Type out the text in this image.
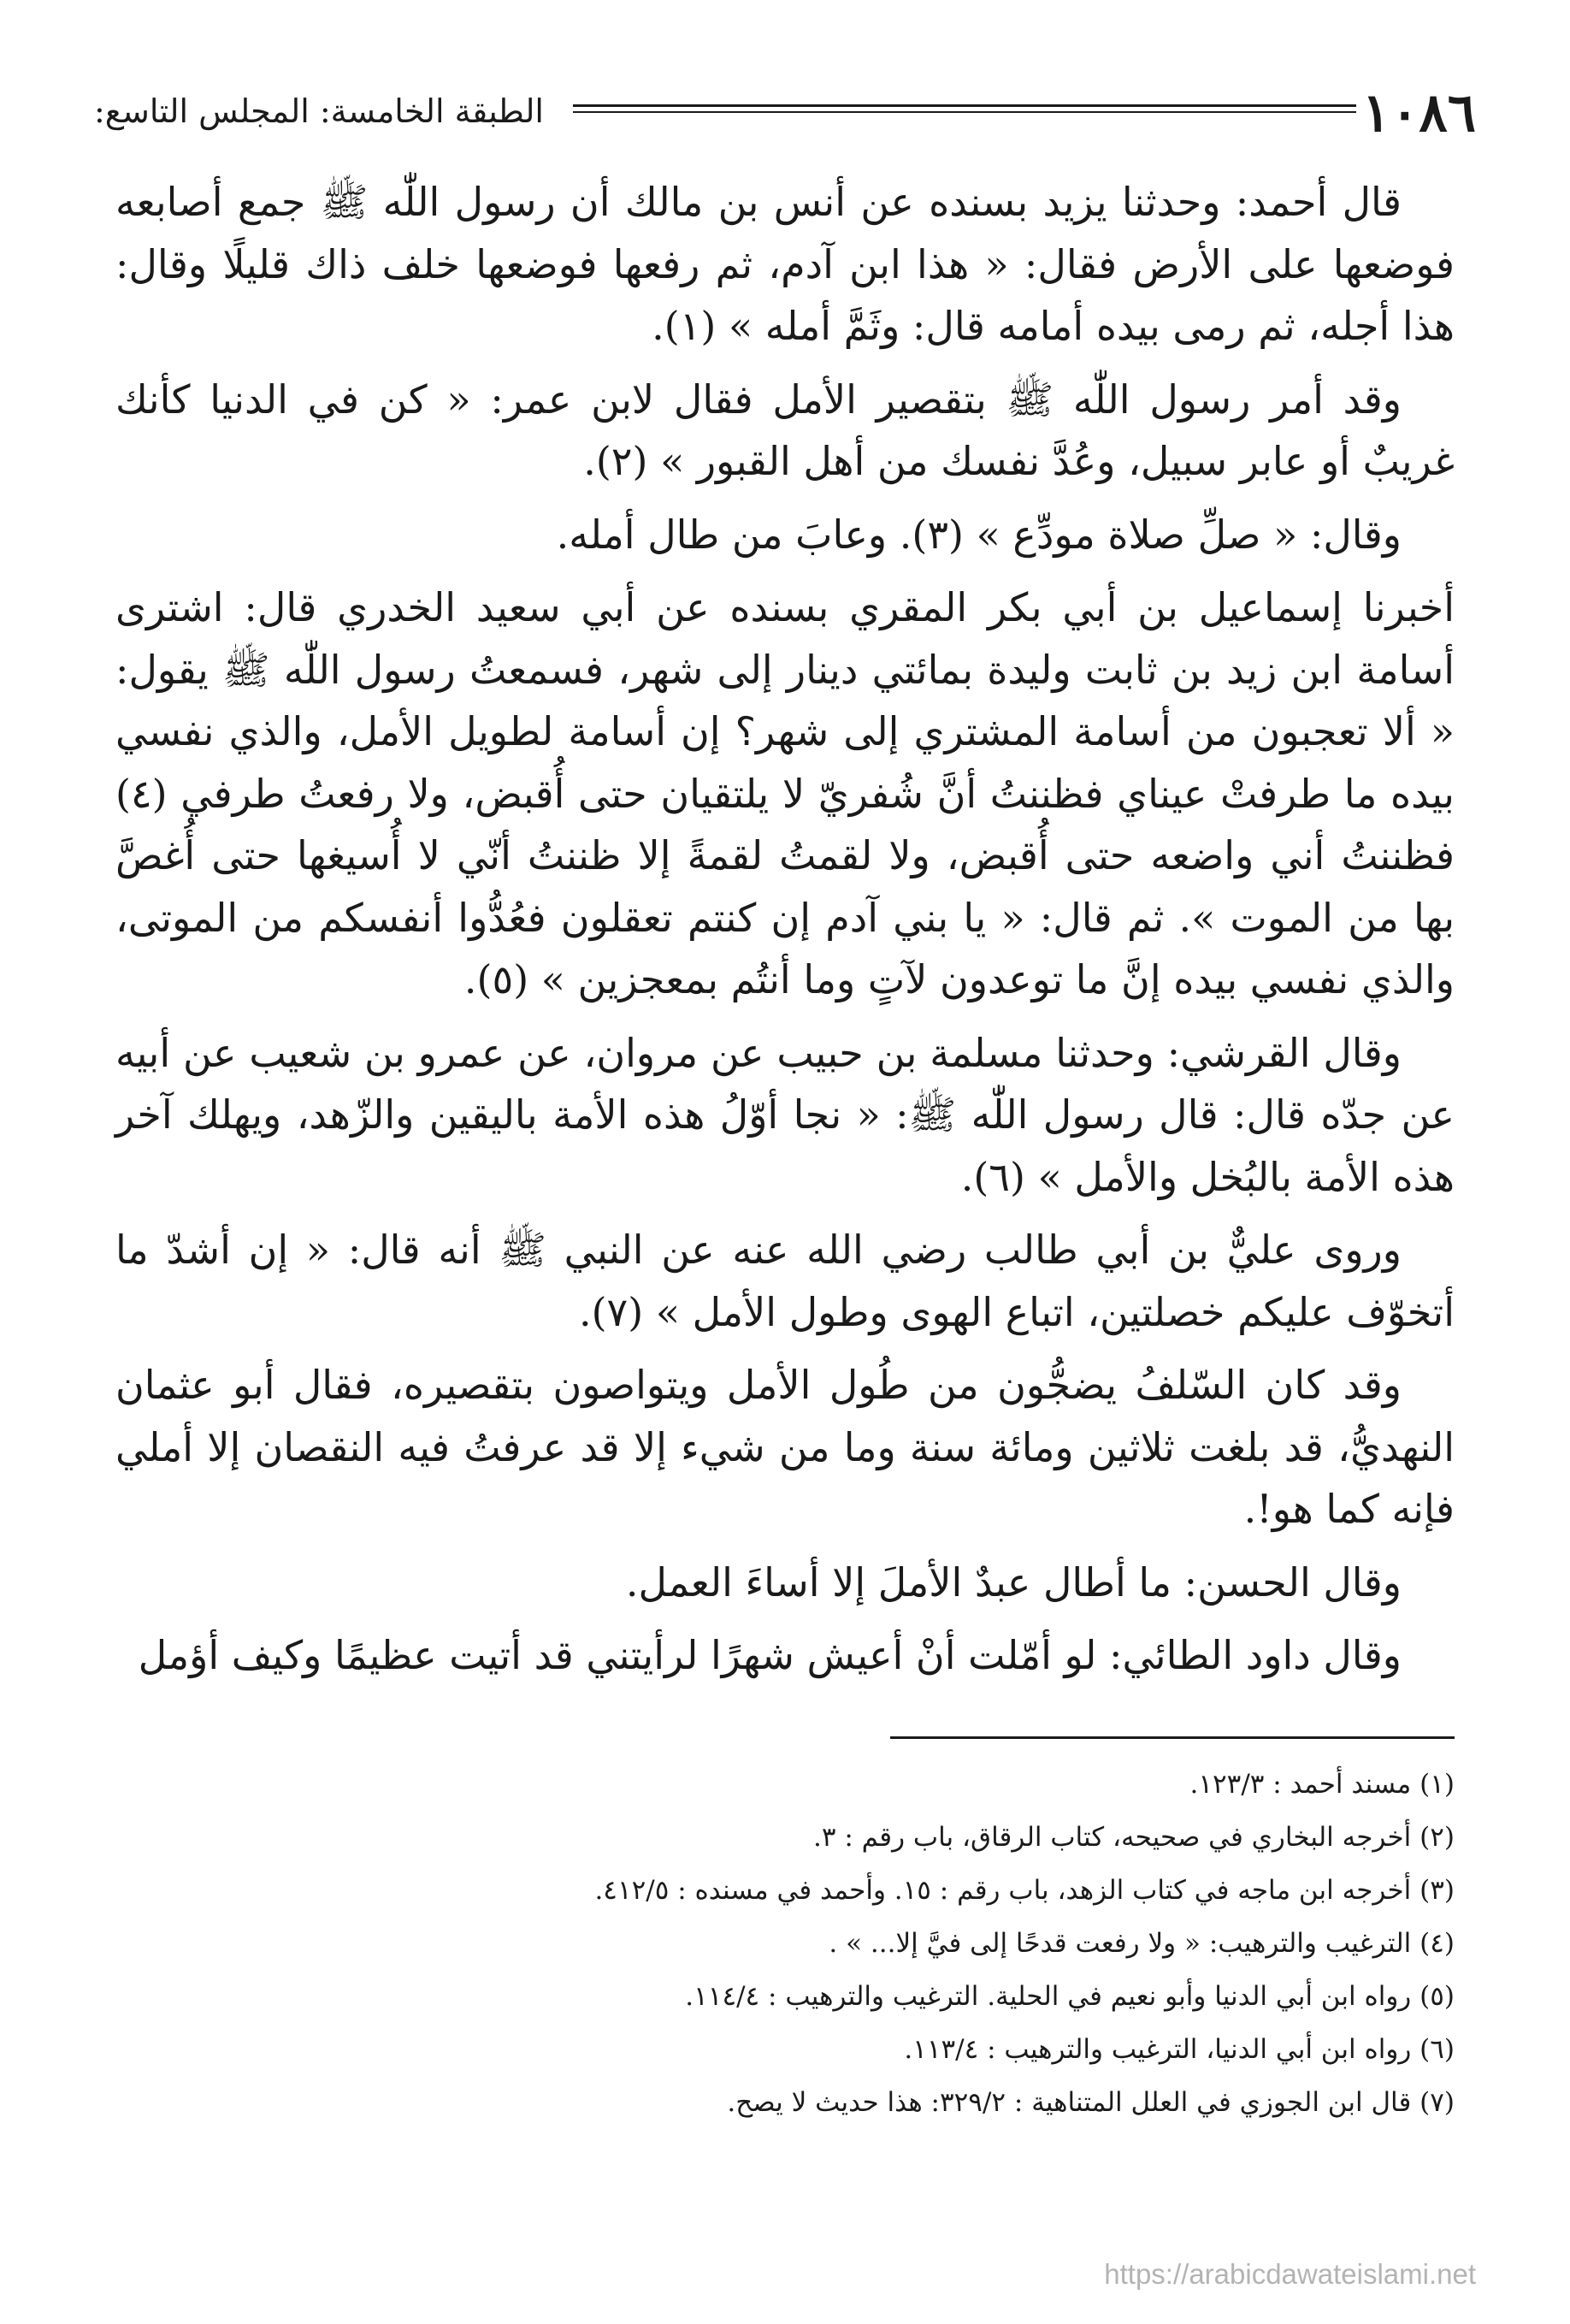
١٠٨٦
الطبقة الخامسة: المجلس التاسع:

قال أحمد: وحدثنا يزيد بسنده عن أنس بن مالك أن رسول اللّٰه ﷺ جمع أصابعه فوضعها على الأرض فقال: « هذا ابن آدم، ثم رفعها فوضعها خلف ذاك قليلًا وقال: هذا أجله، ثم رمى بيده أمامه قال: وثَمَّ أمله » (١).

وقد أمر رسول اللّٰه ﷺ بتقصير الأمل فقال لابن عمر: « كن في الدنيا كأنك غريبٌ أو عابر سبيل، وعُدَّ نفسك من أهل القبور » (٢).

وقال: « صلِّ صلاة مودِّع » (٣). وعابَ من طال أمله.

أخبرنا إسماعيل بن أبي بكر المقري بسنده عن أبي سعيد الخدري قال: اشترى أسامة ابن زيد بن ثابت وليدة بمائتي دينار إلى شهر، فسمعتُ رسول اللّٰه ﷺ يقول: « ألا تعجبون من أسامة المشتري إلى شهر؟ إن أسامة لطويل الأمل، والذي نفسي بيده ما طرفتْ عيناي فظننتُ أنَّ شُفريّ لا يلتقيان حتى أُقبض، ولا رفعتُ طرفي (٤) فظننتُ أني واضعه حتى أُقبض، ولا لقمتُ لقمةً إلا ظننتُ أنّي لا أُسيغها حتى أُغصَّ بها من الموت ». ثم قال: « يا بني آدم إن كنتم تعقلون فعُدُّوا أنفسكم من الموتى، والذي نفسي بيده إنَّ ما توعدون لآتٍ وما أنتُم بمعجزين » (٥).

وقال القرشي: وحدثنا مسلمة بن حبيب عن مروان، عن عمرو بن شعيب عن أبيه عن جدّه قال: قال رسول اللّٰه ﷺ: « نجا أوّلُ هذه الأمة باليقين والزّهد، ويهلك آخر هذه الأمة بالبُخل والأمل » (٦).

وروى عليٌّ بن أبي طالب رضي الله عنه عن النبي ﷺ أنه قال: « إن أشدّ ما أتخوّف عليكم خصلتين، اتباع الهوى وطول الأمل » (٧).

وقد كان السّلفُ يضجُّون من طُول الأمل ويتواصون بتقصيره، فقال أبو عثمان النهديُّ، قد بلغت ثلاثين ومائة سنة وما من شيء إلا قد عرفتُ فيه النقصان إلا أملي فإنه كما هو!.

وقال الحسن: ما أطال عبدٌ الأملَ إلا أساءَ العمل.

وقال داود الطائي: لو أمّلت أنْ أعيش شهرًا لرأيتني قد أتيت عظيمًا وكيف أؤمل

(١) مسند أحمد : ١٢٣/٣.

(٢) أخرجه البخاري في صحيحه، كتاب الرقاق، باب رقم : ٣.

(٣) أخرجه ابن ماجه في كتاب الزهد، باب رقم : ١٥. وأحمد في مسنده : ٤١٢/٥.

(٤) الترغيب والترهيب: « ولا رفعت قدحًا إلى فيَّ إلا... » .

(٥) رواه ابن أبي الدنيا وأبو نعيم في الحلية. الترغيب والترهيب : ١١٤/٤.

(٦) رواه ابن أبي الدنيا، الترغيب والترهيب : ١١٣/٤.

(٧) قال ابن الجوزي في العلل المتناهية : ٣٢٩/٢: هذا حديث لا يصح.

https://arabicdawateislami.net
